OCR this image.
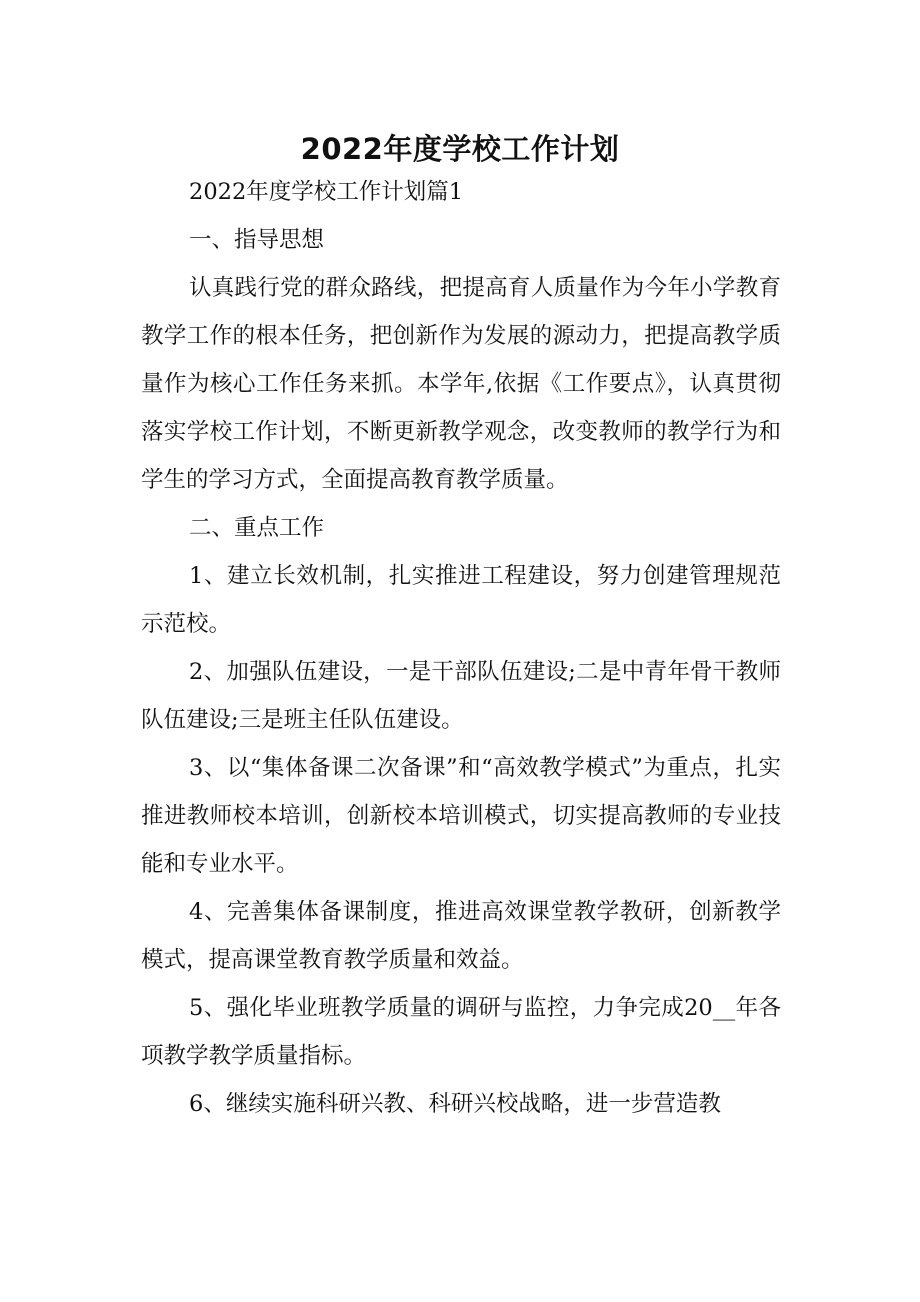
2022年度学校工作计划

2022年度学校工作计划篇1

一、指导思想

认真践行党的群众路线，把提高育人质量作为今年小学教育教学工作的根本任务，把创新作为发展的源动力，把提高教学质量作为核心工作任务来抓。本学年,依据《工作要点》，认真贯彻落实学校工作计划，不断更新教学观念，改变教师的教学行为和学生的学习方式，全面提高教育教学质量。

二、重点工作

1、建立长效机制，扎实推进工程建设，努力创建管理规范示范校。

2、加强队伍建设，一是干部队伍建设;二是中青年骨干教师队伍建设;三是班主任队伍建设。

3、以“集体备课二次备课”和“高效教学模式”为重点，扎实推进教师校本培训，创新校本培训模式，切实提高教师的专业技能和专业水平。

4、完善集体备课制度，推进高效课堂教学教研，创新教学模式，提高课堂教育教学质量和效益。

5、强化毕业班教学质量的调研与监控，力争完成20__年各项教学教学质量指标。

6、继续实施科研兴教、科研兴校战略，进一步营造教
